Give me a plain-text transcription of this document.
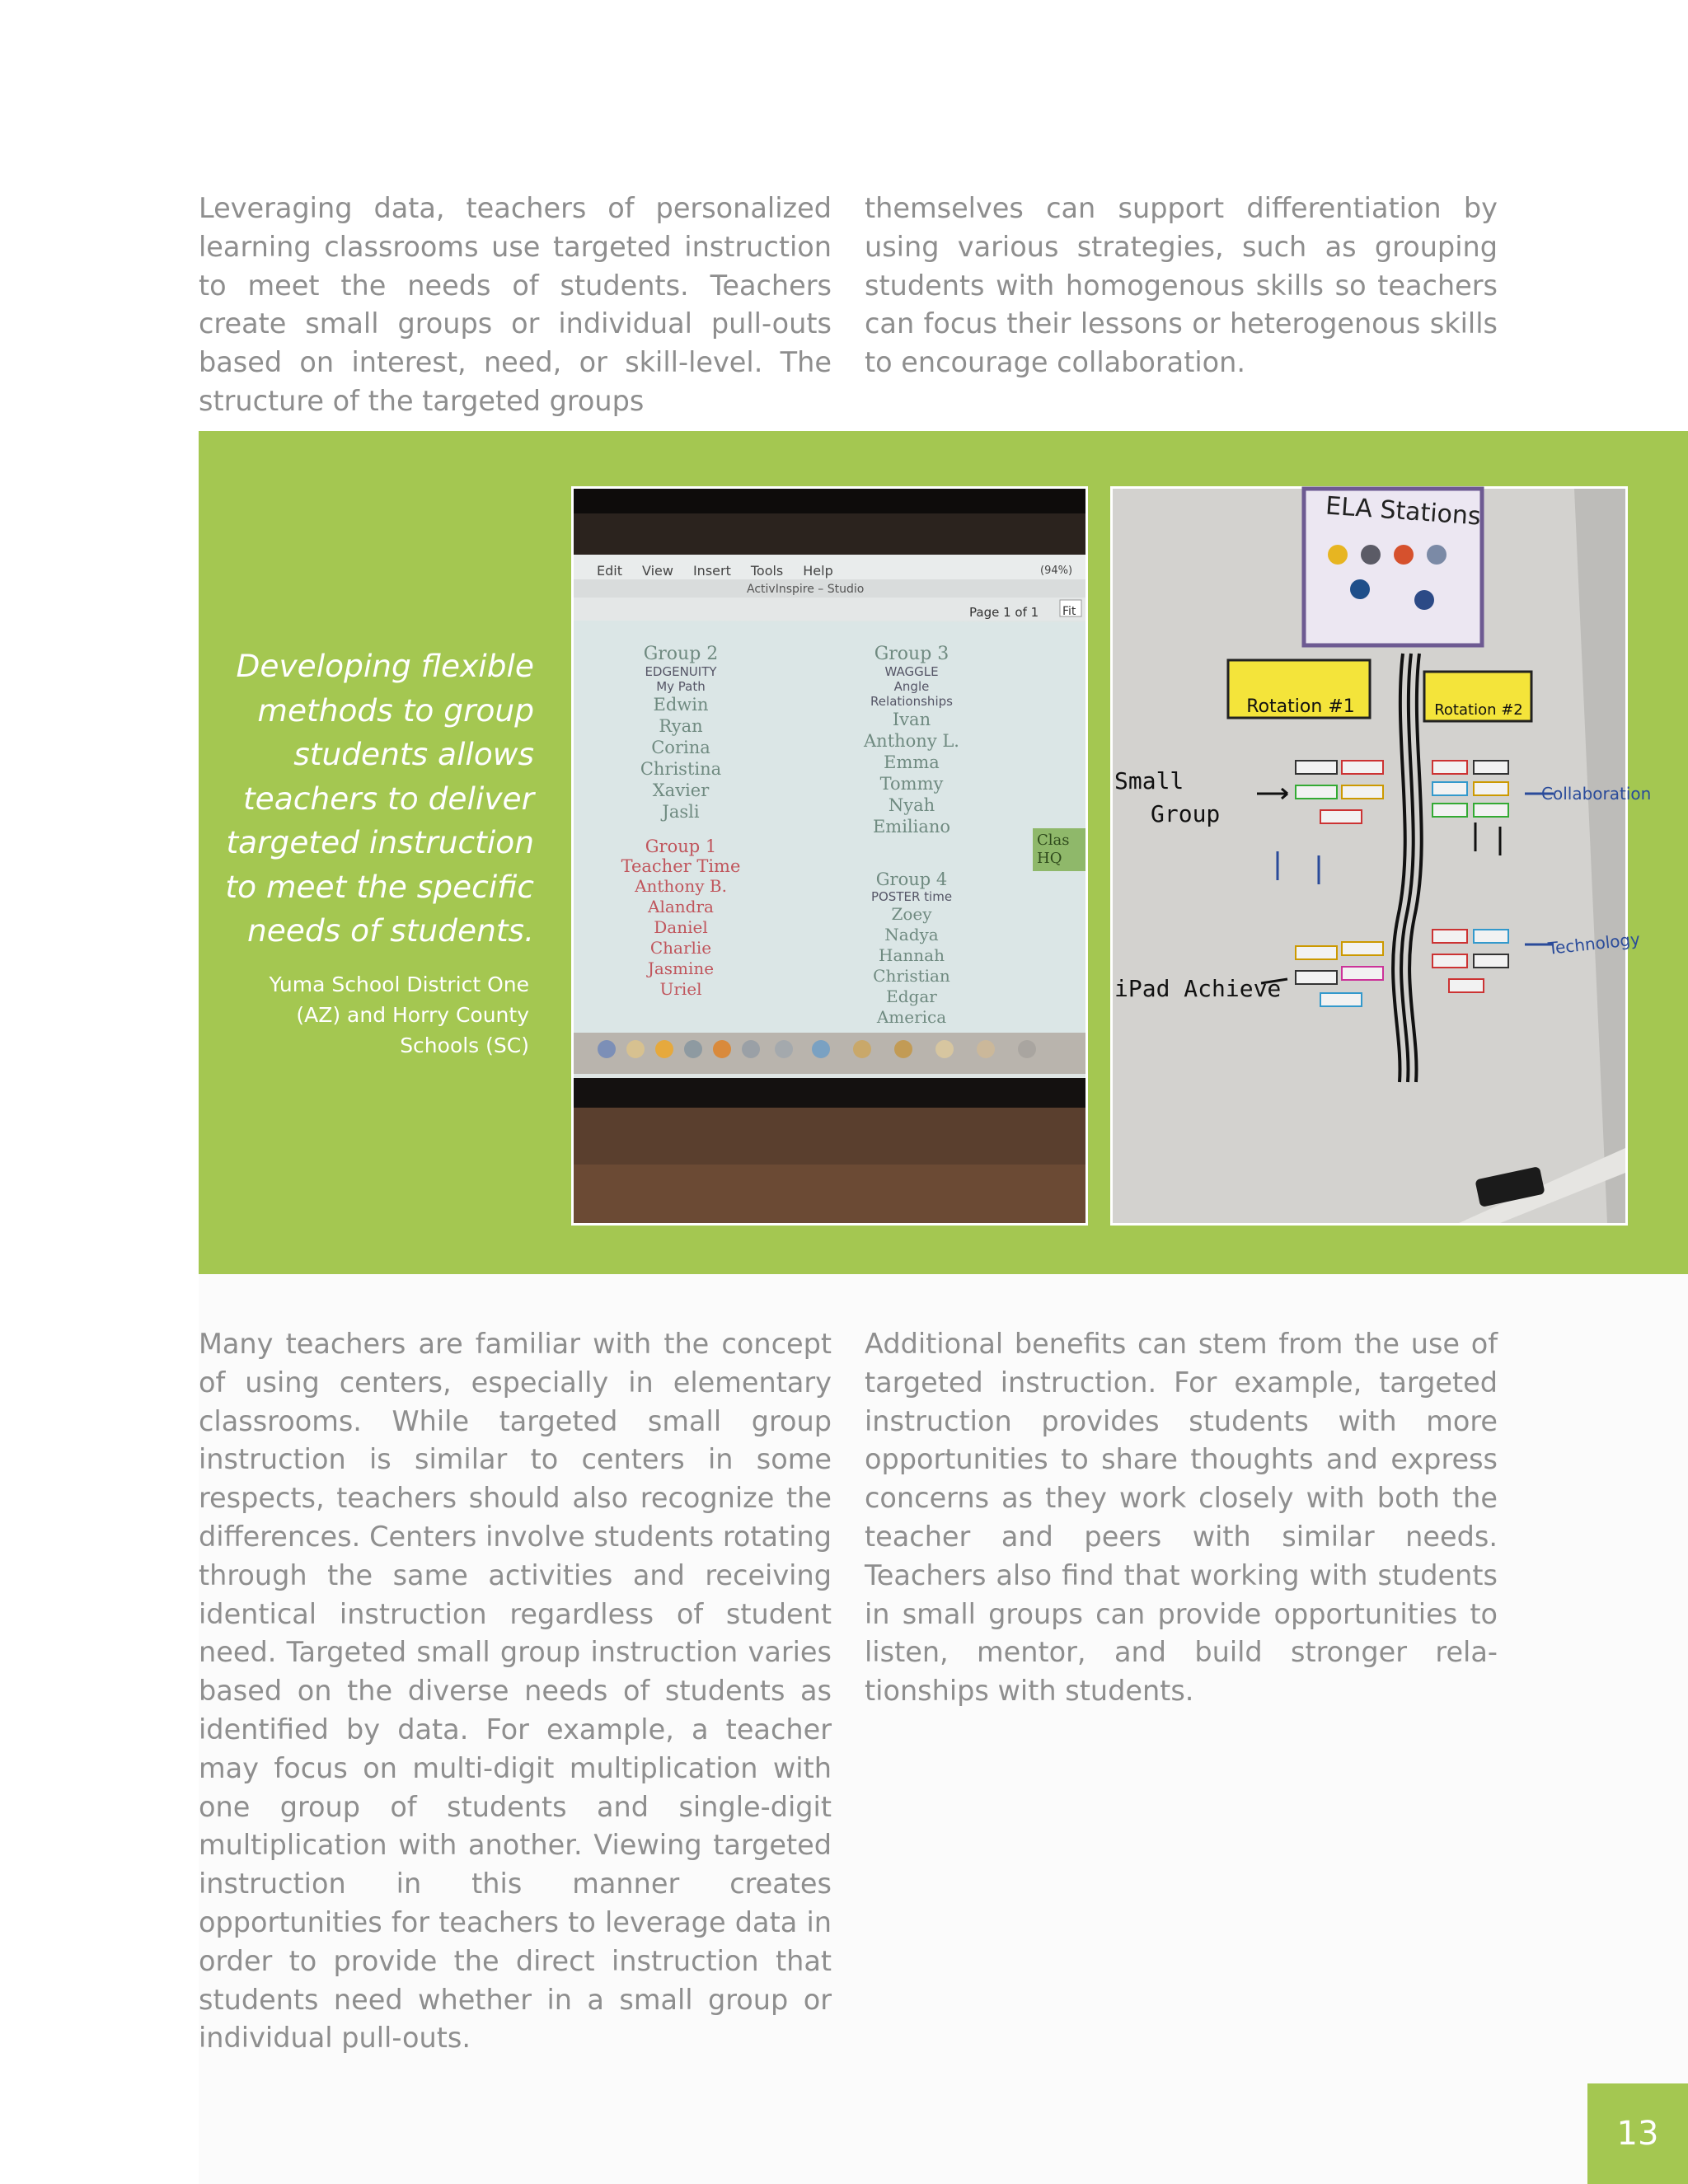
Leveraging data, teachers of personalized learning classrooms use targeted instruction to meet the needs of students. Teachers create small groups or individual pull-outs based on interest, need, or skill-level. The structure of the targeted groups

themselves can support differentiation by using various strategies, such as grouping students with homogenous skills so teachers can focus their lessons or heterogenous skills to encourage collaboration.

Developing flexible methods to group students allows teachers to deliver targeted instruction to meet the specific needs of students.
Yuma School District One (AZ) and Horry County Schools (SC)
Edit View Insert Tools Help	(94%)
ActivInspire – Studio
Page 1 of 1 Fit
Group 2
EDGENUITY
My Path
Edwin
Ryan
Corina
Christina
Xavier
Jasli
Group 3
WAGGLE
Angle
Relationships
Ivan
Anthony L.
Emma
Tommy
Nyah
Emiliano
Group 1
Teacher Time
Anthony B.
Alandra
Daniel
Charlie
Jasmine
Uriel
Group 4
POSTER time
Zoey
Nadya
Hannah
Christian
Edgar
America
Clas HQ
ELA Stations
Rotation #1	Rotation #2
Small
Group
iPad Achieve
Collaboration
Technology

Many teachers are familiar with the concept of using centers, especially in elementary classrooms. While targeted small group instruction is similar to centers in some respects, teachers should also recognize the differences. Centers involve students rotating through the same activities and receiving identical instruction regardless of student need. Targeted small group instruction varies based on the diverse needs of students as identified by data. For example, a teacher may focus on multi-digit multiplication with one group of students and single-digit multiplication with another. Viewing targeted instruction in this manner creates opportunities for teachers to leverage data in order to provide the direct instruction that students need whether in a small group or individual pull-outs.

Additional benefits can stem from the use of targeted instruction. For example, targeted instruction provides students with more opportunities to share thoughts and express concerns as they work closely with both the teacher and peers with similar needs. Teachers also find that working with students in small groups can provide opportunities to listen, mentor, and build stronger relationships with students.

13
